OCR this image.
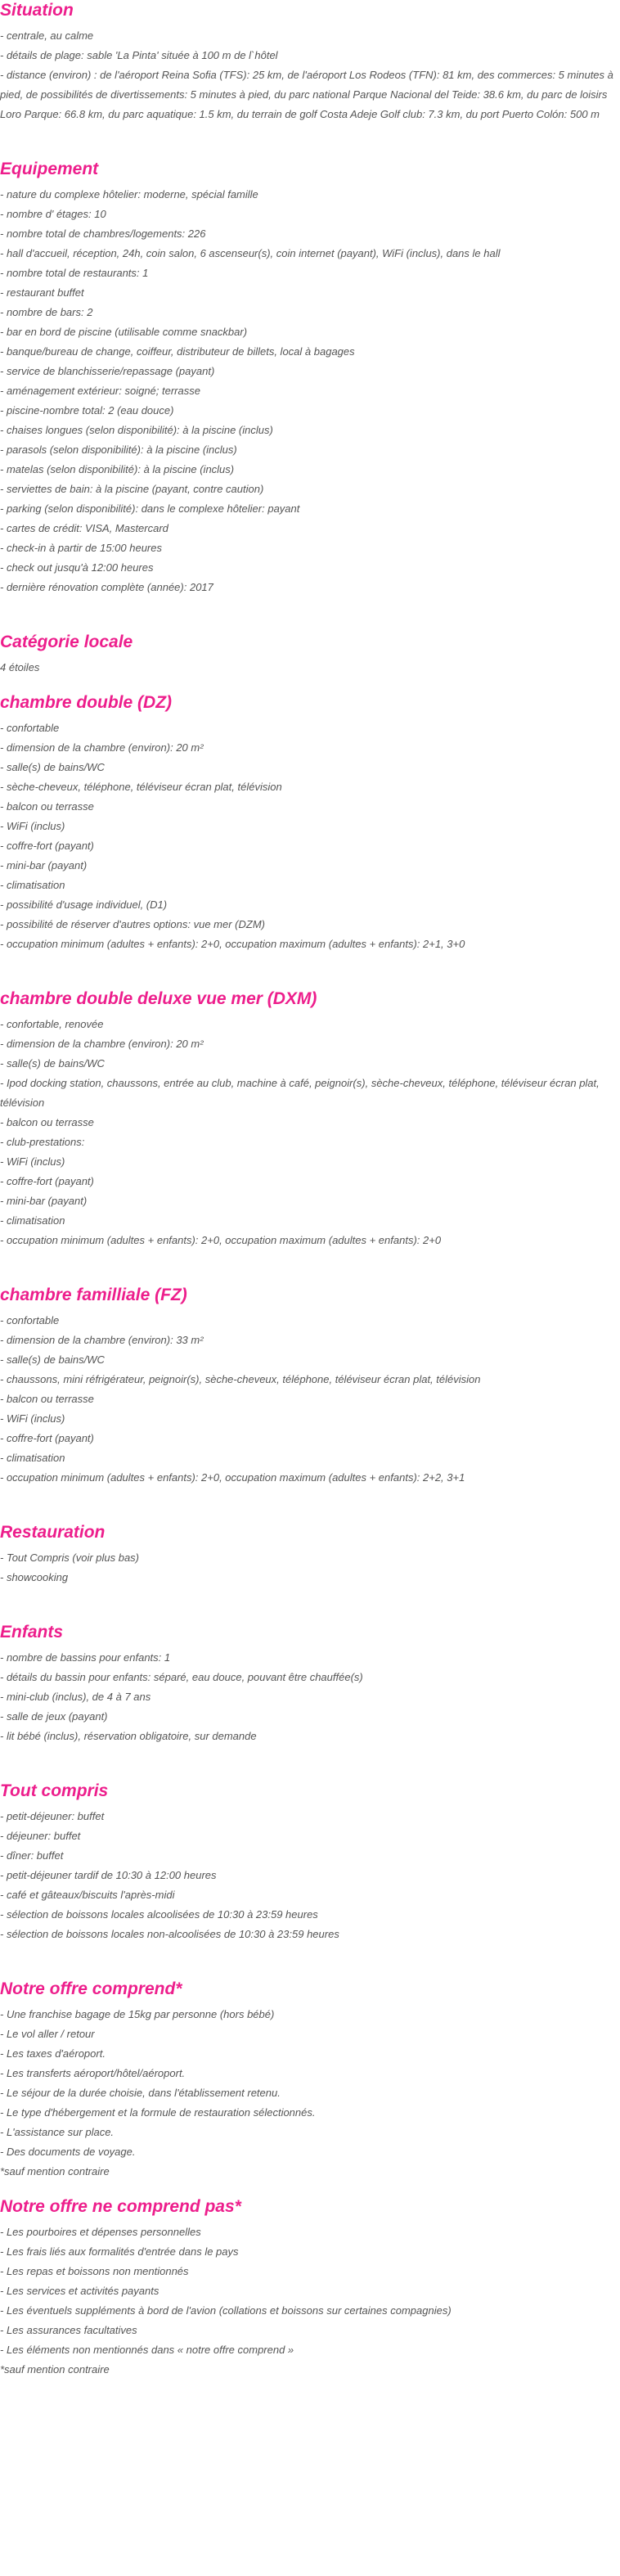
Situation
- centrale, au calme
- détails de plage: sable 'La Pinta' située à 100 m de l`hôtel
- distance (environ) : de l'aéroport Reina Sofia (TFS): 25 km, de l'aéroport Los Rodeos (TFN): 81 km, des commerces: 5 minutes à pied, de possibilités de divertissements: 5 minutes à pied, du parc national Parque Nacional del Teide: 38.6 km, du parc de loisirs Loro Parque: 66.8 km, du parc aquatique: 1.5 km, du terrain de golf Costa Adeje Golf club: 7.3 km, du port Puerto Colón: 500 m
Equipement
- nature du complexe hôtelier: moderne, spécial famille
- nombre d' étages: 10
- nombre total de chambres/logements: 226
- hall d'accueil, réception, 24h, coin salon, 6 ascenseur(s), coin internet (payant), WiFi (inclus), dans le hall
- nombre total de restaurants: 1
- restaurant buffet
- nombre de bars: 2
- bar en bord de piscine (utilisable comme snackbar)
- banque/bureau de change, coiffeur, distributeur de billets, local à bagages
- service de blanchisserie/repassage (payant)
- aménagement extérieur: soigné; terrasse
- piscine-nombre total: 2 (eau douce)
- chaises longues (selon disponibilité): à la piscine (inclus)
- parasols (selon disponibilité): à la piscine (inclus)
- matelas (selon disponibilité): à la piscine (inclus)
- serviettes de bain: à la piscine (payant, contre caution)
- parking (selon disponibilité): dans le complexe hôtelier: payant
- cartes de crédit: VISA, Mastercard
- check-in à partir de 15:00 heures
- check out jusqu'à 12:00 heures
- dernière rénovation complète (année): 2017
Catégorie locale
4 étoiles
chambre double (DZ)
- confortable
- dimension de la chambre (environ): 20 m²
- salle(s) de bains/WC
- sèche-cheveux, téléphone, téléviseur écran plat, télévision
- balcon ou terrasse
- WiFi (inclus)
- coffre-fort (payant)
- mini-bar (payant)
- climatisation
- possibilité d'usage individuel, (D1)
- possibilité de réserver d'autres options: vue mer (DZM)
- occupation minimum (adultes + enfants): 2+0, occupation maximum (adultes + enfants): 2+1, 3+0
chambre double deluxe vue mer (DXM)
- confortable, renovée
- dimension de la chambre (environ): 20 m²
- salle(s) de bains/WC
- Ipod docking station, chaussons, entrée au club, machine à café, peignoir(s), sèche-cheveux, téléphone, téléviseur écran plat, télévision
- balcon ou terrasse
- club-prestations:
- WiFi (inclus)
- coffre-fort (payant)
- mini-bar (payant)
- climatisation
- occupation minimum (adultes + enfants): 2+0, occupation maximum (adultes + enfants): 2+0
chambre familliale (FZ)
- confortable
- dimension de la chambre (environ): 33 m²
- salle(s) de bains/WC
- chaussons, mini réfrigérateur, peignoir(s), sèche-cheveux, téléphone, téléviseur écran plat, télévision
- balcon ou terrasse
- WiFi (inclus)
- coffre-fort (payant)
- climatisation
- occupation minimum (adultes + enfants): 2+0, occupation maximum (adultes + enfants): 2+2, 3+1
Restauration
- Tout Compris (voir plus bas)
- showcooking
Enfants
- nombre de bassins pour enfants: 1
- détails du bassin pour enfants: séparé, eau douce, pouvant être chauffée(s)
- mini-club (inclus), de 4 à 7 ans
- salle de jeux (payant)
- lit bébé (inclus), réservation obligatoire, sur demande
Tout compris
- petit-déjeuner: buffet
- déjeuner: buffet
- dîner: buffet
- petit-déjeuner tardif de 10:30 à 12:00 heures
- café et gâteaux/biscuits l'après-midi
- sélection de boissons locales alcoolisées de 10:30 à 23:59 heures
- sélection de boissons locales non-alcoolisées de 10:30 à 23:59 heures
Notre offre comprend*
- Une franchise bagage de 15kg par personne (hors bébé)
- Le vol aller / retour
- Les taxes d'aéroport.
- Les transferts aéroport/hôtel/aéroport.
- Le séjour de la durée choisie, dans l'établissement retenu.
- Le type d'hébergement et la formule de restauration sélectionnés.
- L'assistance sur place.
- Des documents de voyage.
*sauf mention contraire
Notre offre ne comprend pas*
- Les pourboires et dépenses personnelles
- Les frais liés aux formalités d'entrée dans le pays
- Les repas et boissons non mentionnés
- Les services et activités payants
- Les éventuels suppléments à bord de l'avion (collations et boissons sur certaines compagnies)
- Les assurances facultatives
- Les éléments non mentionnés dans « notre offre comprend »
*sauf mention contraire
